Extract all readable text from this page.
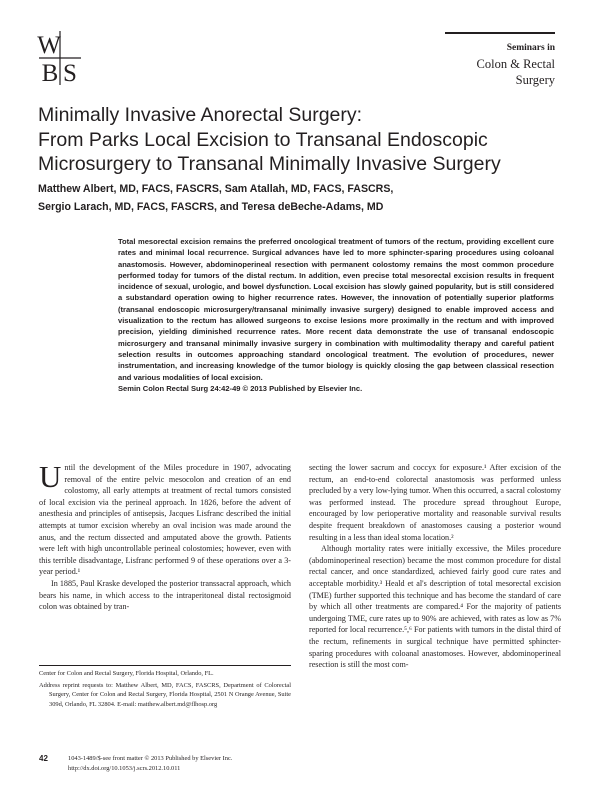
W
B S
Seminars in
Colon & Rectal
Surgery
Minimally Invasive Anorectal Surgery:
From Parks Local Excision to Transanal Endoscopic
Microsurgery to Transanal Minimally Invasive Surgery
Matthew Albert, MD, FACS, FASCRS, Sam Atallah, MD, FACS, FASCRS,
Sergio Larach, MD, FACS, FASCRS, and Teresa deBeche-Adams, MD
Total mesorectal excision remains the preferred oncological treatment of tumors of the rectum, providing excellent cure rates and minimal local recurrence. Surgical advances have led to more sphincter-sparing procedures using coloanal anastomosis. However, abdominoperineal resection with permanent colostomy remains the most common procedure performed today for tumors of the distal rectum. In addition, even precise total mesorectal excision results in frequent incidence of sexual, urologic, and bowel dysfunction. Local excision has slowly gained popularity, but is still considered a substandard operation owing to higher recurrence rates. However, the innovation of potentially superior platforms (transanal endoscopic microsurgery/transanal minimally invasive surgery) designed to enable improved access and visualization to the rectum has allowed surgeons to excise lesions more proximally in the rectum and with improved precision, yielding diminished recurrence rates. More recent data demonstrate the use of transanal endoscopic microsurgery and transanal minimally invasive surgery in combination with multimodality therapy and careful patient selection results in outcomes approaching standard oncological treatment. The evolution of procedures, newer instrumentation, and increasing knowledge of the tumor biology is quickly closing the gap between classical resection and various modalities of local excision.
Semin Colon Rectal Surg 24:42-49 © 2013 Published by Elsevier Inc.

Until the development of the Miles procedure in 1907, advocating removal of the entire pelvic mesocolon and creation of an end colostomy, all early attempts at treatment of rectal tumors consisted of local excision via the perineal approach. In 1826, before the advent of anesthesia and principles of antisepsis, Jacques Lisfranc described the initial attempts at tumor excision whereby an oval incision was made around the anus, and the rectum dissected and amputated above the growth. Patients were left with high uncontrollable perineal colostomies; however, even with this terrible disadvantage, Lisfranc performed 9 of these operations over a 3-year period.¹

In 1885, Paul Kraske developed the posterior transsacral approach, which bears his name, in which access to the intraperitoneal distal rectosigmoid colon was obtained by tran-

secting the lower sacrum and coccyx for exposure.¹ After excision of the rectum, an end-to-end colorectal anastomosis was performed unless precluded by a very low-lying tumor. When this occurred, a sacral colostomy was performed instead. The procedure spread throughout Europe, encouraged by low perioperative mortality and reasonable survival results despite frequent breakdown of anastomoses causing a posterior wound resulting in a less than ideal stoma location.²

Although mortality rates were initially excessive, the Miles procedure (abdominoperineal resection) became the most common procedure for distal rectal cancer, and once standardized, achieved fairly good cure rates and acceptable morbidity.³ Heald et al's description of total mesorectal excision (TME) further supported this technique and has become the standard of care by which all other treatments are compared.⁴ For the majority of patients undergoing TME, cure rates up to 90% are achieved, with rates as low as 7% reported for local recurrence.⁵,⁶ For patients with tumors in the distal third of the rectum, refinements in surgical technique have permitted sphincter-sparing procedures with coloanal anastomoses. However, abdominoperineal resection is still the most com-

Center for Colon and Rectal Surgery, Florida Hospital, Orlando, FL.

Address reprint requests to: Matthew Albert, MD, FACS, FASCRS, Department of Colorectal Surgery, Center for Colon and Rectal Surgery, Florida Hospital, 2501 N Orange Avenue, Suite 309d, Orlando, FL 32804. E-mail: matthew.albert.md@flhosp.org

42	1043-1489/$-see front matter © 2013 Published by Elsevier Inc.
http://dx.doi.org/10.1053/j.scrs.2012.10.011
